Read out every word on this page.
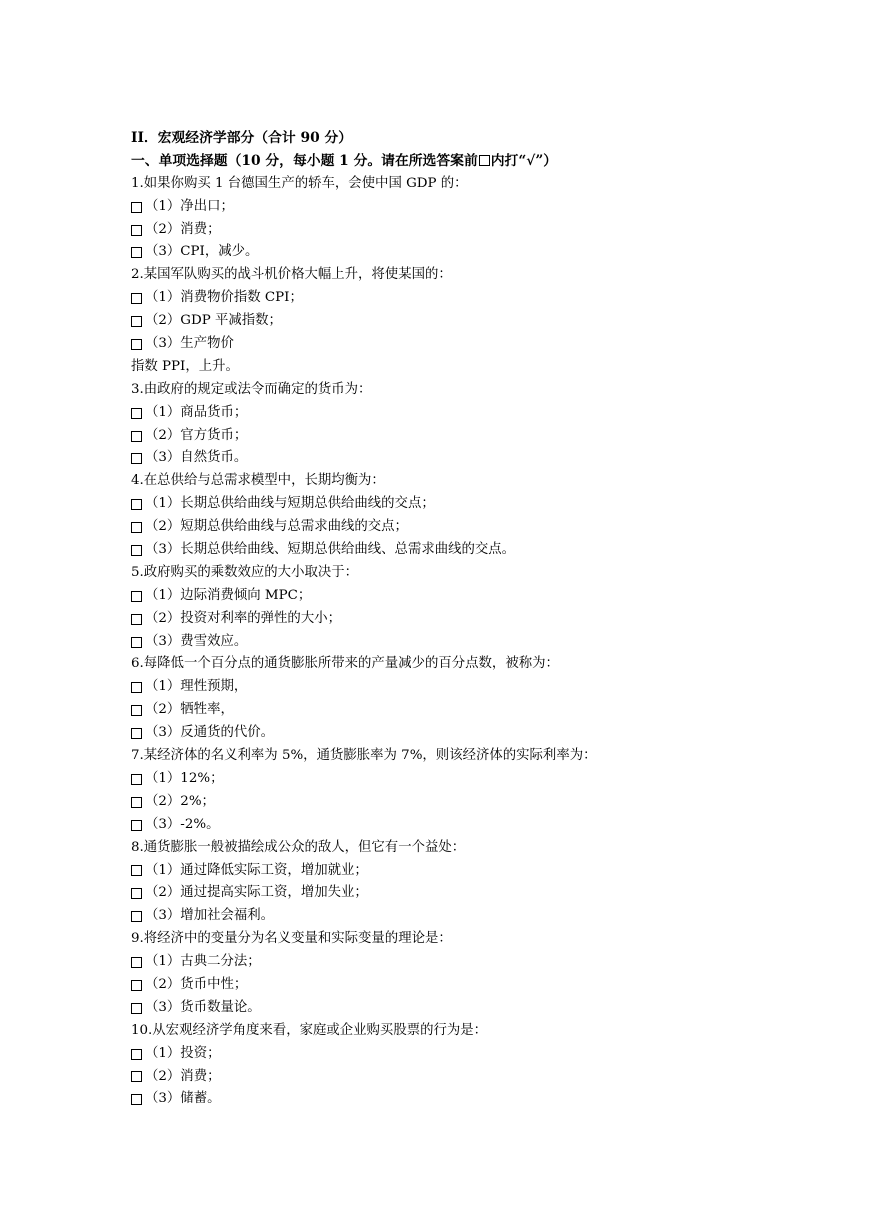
II．宏观经济学部分（合计 90 分）
一、单项选择题（10 分，每小题 1 分。请在所选答案前 内打“√”）
1.如果你购买 1 台德国生产的轿车，会使中国 GDP 的：
（1）净出口；
（2）消费；
（3）CPI，减少。
2.某国军队购买的战斗机价格大幅上升，将使某国的：
（1）消费物价指数 CPI；
（2）GDP 平减指数；
（3）生产物价
指数 PPI，上升。
3.由政府的规定或法令而确定的货币为：
（1）商品货币；
（2）官方货币；
（3）自然货币。
4.在总供给与总需求模型中，长期均衡为：
（1）长期总供给曲线与短期总供给曲线的交点；
（2）短期总供给曲线与总需求曲线的交点；
（3）长期总供给曲线、短期总供给曲线、总需求曲线的交点。
5.政府购买的乘数效应的大小取决于：
（1）边际消费倾向 MPC；
（2）投资对利率的弹性的大小；
（3）费雪效应。
6.每降低一个百分点的通货膨胀所带来的产量减少的百分点数，被称为：
（1）理性预期，
（2）牺牲率，
（3）反通货的代价。
7.某经济体的名义利率为 5%，通货膨胀率为 7%，则该经济体的实际利率为：
（1）12%；
（2）2%；
（3）-2%。
8.通货膨胀一般被描绘成公众的敌人，但它有一个益处：
（1）通过降低实际工资，增加就业；
（2）通过提高实际工资，增加失业；
（3）增加社会福利。
9.将经济中的变量分为名义变量和实际变量的理论是：
（1）古典二分法；
（2）货币中性；
（3）货币数量论。
10.从宏观经济学角度来看，家庭或企业购买股票的行为是：
（1）投资；
（2）消费；
（3）储蓄。
